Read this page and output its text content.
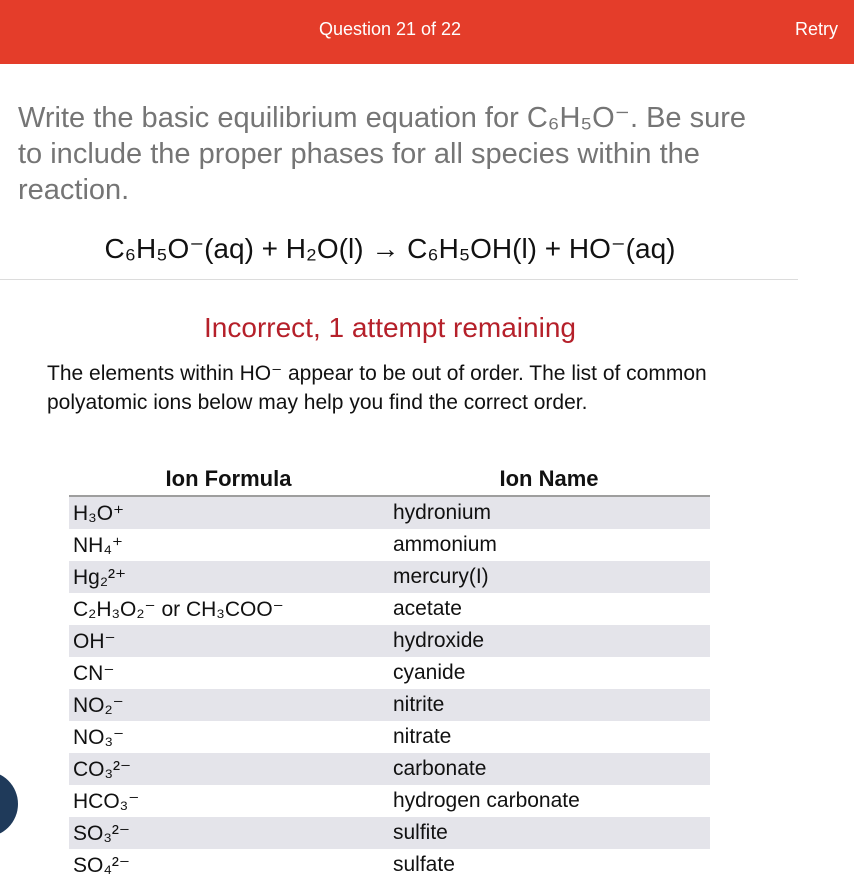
Question 21 of 22	Retry
Write the basic equilibrium equation for C₆H₅O⁻. Be sure to include the proper phases for all species within the reaction.
C₆H₅O⁻(aq) + H₂O(l) → C₆H₅OH(l) + HO⁻(aq)
Incorrect, 1 attempt remaining
The elements within HO⁻ appear to be out of order. The list of common polyatomic ions below may help you find the correct order.
Ion Formula	Ion Name
H₃O⁺	hydronium
NH₄⁺	ammonium
Hg₂²⁺	mercury(I)
C₂H₃O₂⁻ or CH₃COO⁻	acetate
OH⁻	hydroxide
CN⁻	cyanide
NO₂⁻	nitrite
NO₃⁻	nitrate
CO₃²⁻	carbonate
HCO₃⁻	hydrogen carbonate
SO₃²⁻	sulfite
SO₄²⁻	sulfate
